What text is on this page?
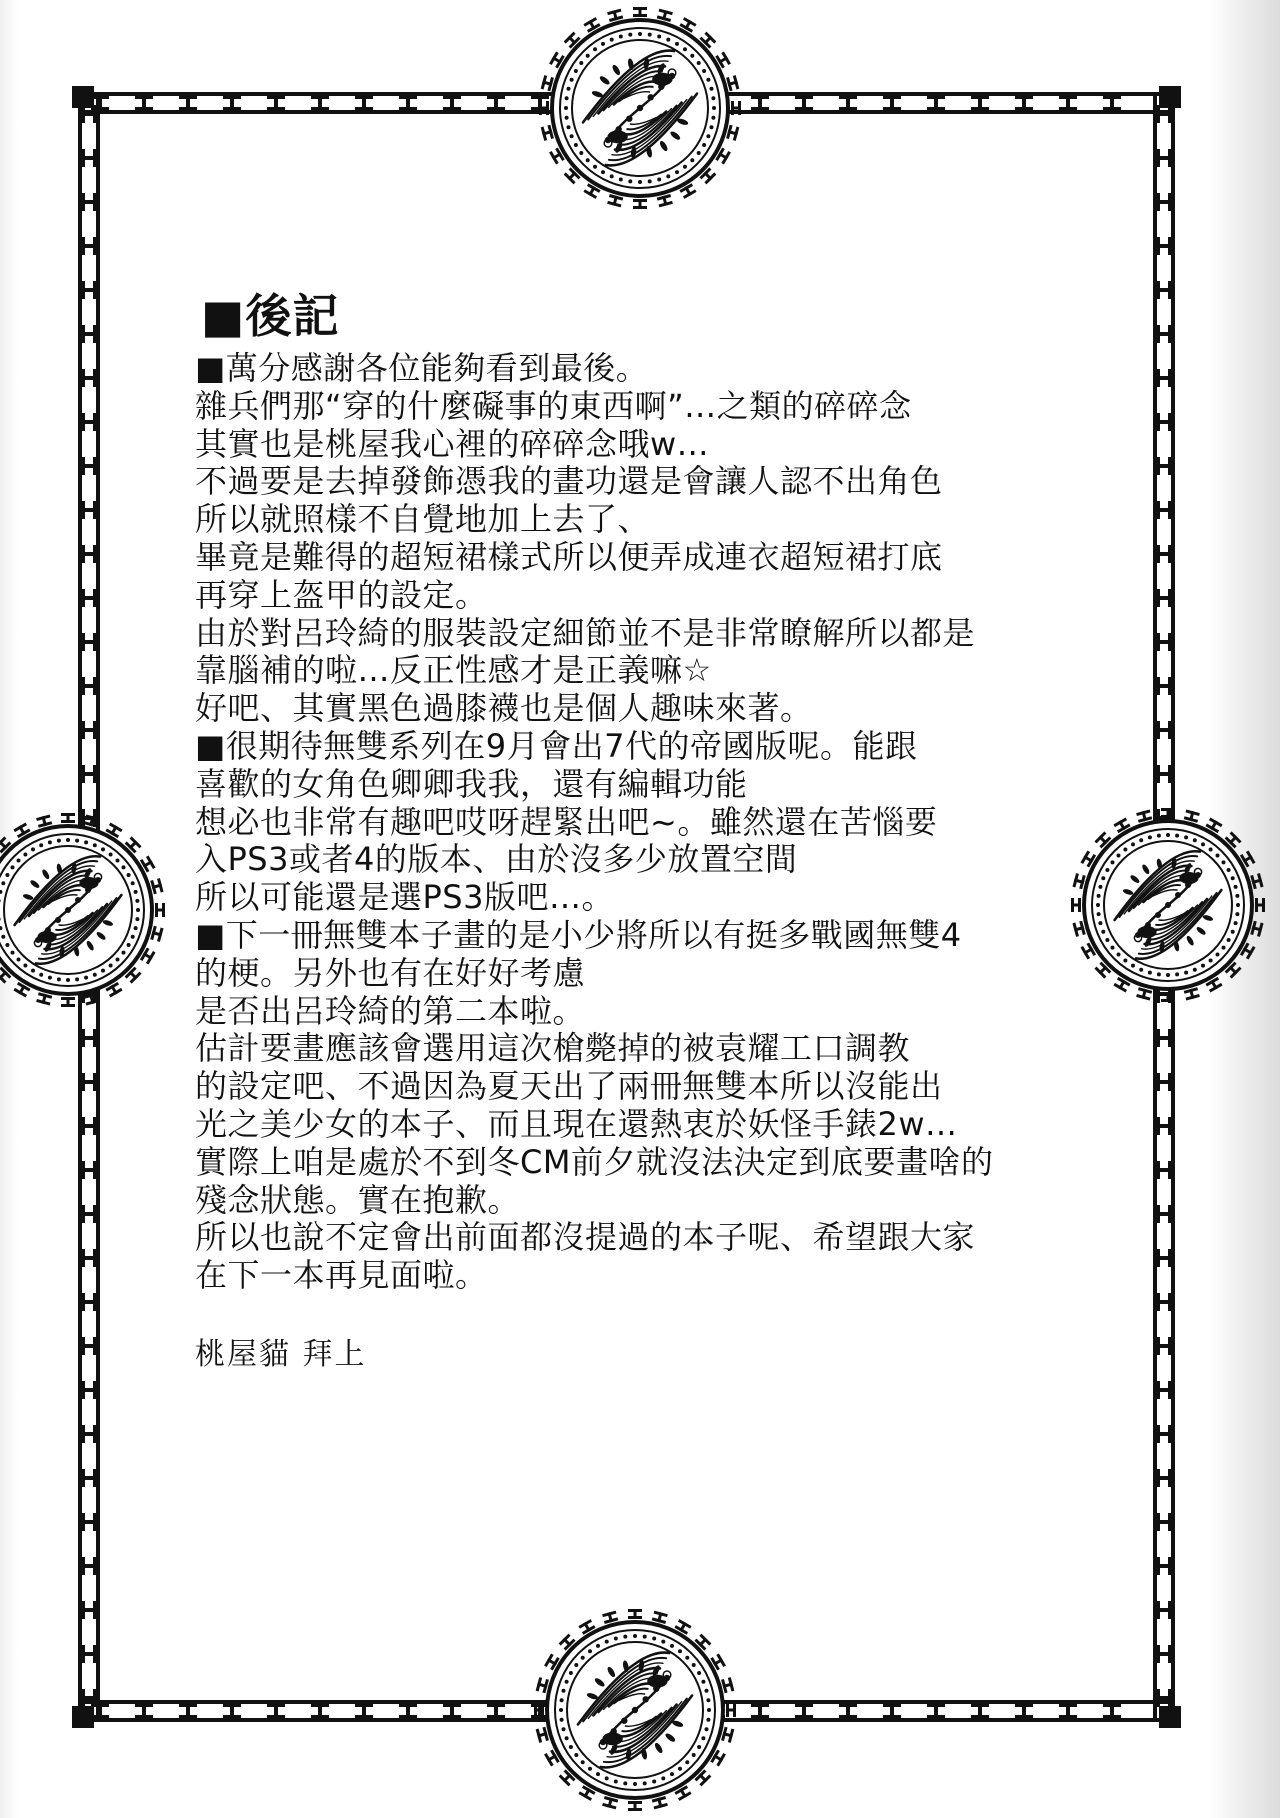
■後記
■萬分感謝各位能夠看到最後。
雜兵們那“穿的什麼礙事的東西啊”…之類的碎碎念
其實也是桃屋我心裡的碎碎念哦w…
不過要是去掉發飾憑我的畫功還是會讓人認不出角色
所以就照樣不自覺地加上去了、
畢竟是難得的超短裙樣式所以便弄成連衣超短裙打底
再穿上盔甲的設定。
由於對呂玲綺的服裝設定細節並不是非常瞭解所以都是
靠腦補的啦…反正性感才是正義嘛☆
好吧、其實黑色過膝襪也是個人趣味來著。
■很期待無雙系列在9月會出7代的帝國版呢。能跟
喜歡的女角色卿卿我我，還有編輯功能
想必也非常有趣吧哎呀趕緊出吧~。雖然還在苦惱要
入PS3或者4的版本、由於沒多少放置空間
所以可能還是選PS3版吧…。
■下一冊無雙本子畫的是小少將所以有挺多戰國無雙4
的梗。另外也有在好好考慮
是否出呂玲綺的第二本啦。
估計要畫應該會選用這次槍斃掉的被袁耀工口調教
的設定吧、不過因為夏天出了兩冊無雙本所以沒能出
光之美少女的本子、而且現在還熱衷於妖怪手錶2w…
實際上咱是處於不到冬CM前夕就沒法決定到底要畫啥的
殘念狀態。實在抱歉。
所以也說不定會出前面都沒提過的本子呢、希望跟大家
在下一本再見面啦。
桃屋貓 拜上
